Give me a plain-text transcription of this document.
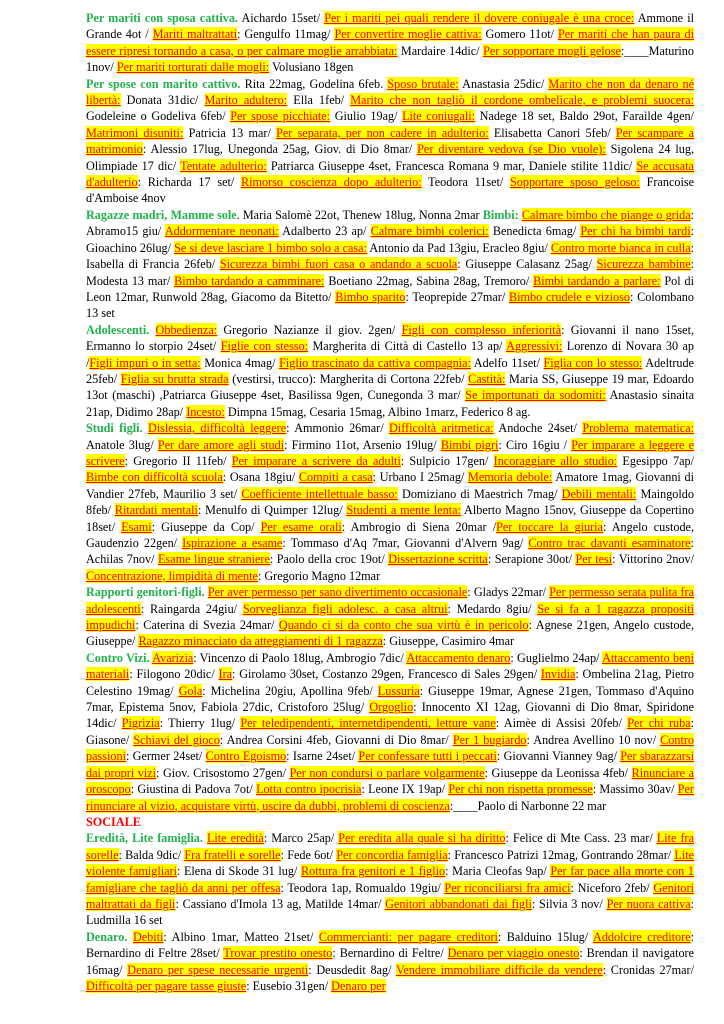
Per mariti con sposa cattiva. Aichardo 15set/ Per i mariti pei quali rendere il dovere coniugale è una croce: Ammone il Grande 4ot / Mariti maltrattati: Gengulfo 11mag/ Per convertire moglie cattiva: Gomero 11ot/ Per mariti che han paura di essere ripresi tornando a casa, o per calmare moglie arrabbiata: Mardaire 14dic/ Per sopportare mogli gelose:____Maturino 1nov/ Per mariti torturati dalle mogli: Volusiano 18gen

Per spose con marito cattivo. Rita 22mag, Godelina 6feb. Sposo brutale: Anastasia 25dic/ Marito che non da denaro né libertà: Donata 31dic/ Marito adultero: Ella 1feb/ Marito che non tagliò il cordone ombelicale, e problemi suocera: Godeleine o Godeliva 6feb/ Per spose picchiate: Giulio 19ag/ Lite coniugali: Nadege 18 set, Baldo 29ot, Faraìlde 4gen/ Matrimoni disuniti: Patricia 13 mar/ Per separata, per non cadere in adulterio: Elisabetta Canori 5feb/ Per scampare a matrimonio: Alessio 17lug, Unegonda 25ag, Giov. di Dio 8mar/ Per diventare vedova (se Dio vuole): Sigolena 24 lug, Olimpiade 17 dic/ Tentate adulterio: Patriarca Giuseppe 4set, Francesca Romana 9 mar, Daniele stilite 11dic/ Se accusata d'adulterio: Richarda 17 set/ Rimorso coscienza dopo adulterio: Teodora 11set/ Sopportare sposo geloso: Francoise d'Amboise 4nov

Ragazze madri, Mamme sole. Maria Salomè 22ot, Thenew 18lug, Nonna 2mar Bimbi: Calmare bimbo che piange o grida: Abramo15 giu/ Addormentare neonati: Adalberto 23 ap/ Calmare bimbi colerici: Benedicta 6mag/ Per chi ha bimbi tardi: Gioachino 26lug/ Se si deve lasciare 1 bimbo solo a casa: Antonio da Pad 13giu, Eracleo 8giu/ Contro morte bianca in culla: Isabella di Francia 26feb/ Sicurezza bimbi fuori casa o andando a scuola: Giuseppe Calasanz 25ag/ Sicurezza bambine: Modesta 13 mar/ Bimbo tardando a camminare: Boetiano 22mag, Sabina 28ag, Tremoro/ Bimbi tardando a parlare: Pol di Leon 12mar, Runwold 28ag, Giacomo da Bitetto/ Bimbo sparito: Teoprepide 27mar/ Bimbo crudele e vizioso: Colombano 13 set

Adolescenti. Obbedienza: Gregorio Nazianze il giov. 2gen/ Figli con complesso inferiorità: Giovanni il nano 15set, Ermanno lo storpio 24set/ Figlie con stesso: Margherita di Città di Castello 13 ap/ Aggressivi: Lorenzo di Novara 30 ap /Figli impuri o in setta: Monica 4mag/ Figlio trascinato da cattiva compagnia: Adelfo 11set/ Figlia con lo stesso: Adeltrude 25feb/ Figlia su brutta strada (vestirsi, trucco): Margherita di Cortona 22feb/ Castità: Maria SS, Giuseppe 19 mar, Edoardo 13ot (maschi) ,Patriarca Giuseppe 4set, Basilissa 9gen, Cunegonda 3 mar/ Se importunati da sodomiti: Anastasio sinaita 21ap, Didimo 28ap/ Incesto: Dimpna 15mag, Cesaria 15mag, Albino 1marz, Federico 8 ag.

Studi figli. Dislessia, difficoltà leggere: Ammonio 26mar/ Difficoltà aritmetica: Andoche 24set/ Problema matematica: Anatole 3lug/ Per dare amore agli studi: Firmino 11ot, Arsenio 19lug/ Bimbi pigri: Ciro 16giu / Per imparare a leggere e scrivere: Gregorio II 11feb/ Per imparare a scrivere da adulti: Sulpicio 17gen/ Incoraggiare allo studio: Egesippo 7ap/ Bimbe con difficoltà scuola: Osana 18giu/ Compiti a casa: Urbano I 25mag/ Memoria debole: Amatore 1mag, Giovanni di Vandier 27feb, Maurilio 3 set/ Coefficiente intellettuale basso: Domiziano di Maestrich 7mag/ Debili mentali: Maingoldo 8feb/ Ritardati mentali: Menulfo di Quimper 12lug/ Studenti a mente lenta: Alberto Magno 15nov, Giuseppe da Copertino 18set/ Esami: Giuseppe da Cop/ Per esame orali: Ambrogio di Siena 20mar /Per toccare la giuria: Angelo custode, Gaudenzio 22gen/ Ispirazione a esame: Tommaso d'Aq 7mar, Giovanni d'Alvern 9ag/ Contro trac davanti esaminatore: Achilas 7nov/ Esame lingue straniere: Paolo della croc 19ot/ Dissertazione scritta: Serapione 30ot/ Per tesi: Vittorino 2nov/ Concentrazione, limpidità di mente: Gregorio Magno 12mar

Rapporti genitori-figli. Per aver permesso per sano divertimento occasionale: Gladys 22mar/ Per permesso serata pulita fra adolescenti: Raingarda 24giu/ Sorveglianza figli adolesc. a casa altrui: Medardo 8giu/ Se si fa a 1 ragazza propositi impudichi: Caterina di Svezia 24mar/ Quando ci si da conto che sua virtù è in pericolo: Agnese 21gen, Angelo custode, Giuseppe/ Ragazzo minacciato da atteggiamenti di 1 ragazza: Giuseppe, Casimiro 4mar

Contro Vizi. Avarizia: Vincenzo di Paolo 18lug, Ambrogio 7dic/ Attaccamento denaro: Guglielmo 24ap/ Attaccamento beni materiali: Filogono 20dic/ Ira: Girolamo 30set, Costanzo 29gen, Francesco di Sales 29gen/ Invidia: Ombelina 21ag, Pietro Celestino 19mag/ Gola: Michelina 20giu, Apollina 9feb/ Lussuria: Giuseppe 19mar, Agnese 21gen, Tommaso d'Aquino 7mar, Epistema 5nov, Fabiola 27dic, Cristoforo 25lug/ Orgoglio: Innocento XI 12ag, Giovanni di Dio 8mar, Spiridone 14dic/ Pigrizia: Thierry 1lug/ Per teledipendenti, internetdipendenti, letture vane: Aimèe di Assisi 20feb/ Per chi ruba: Giasone/ Schiavi del gioco: Andrea Corsini 4feb, Giovanni di Dio 8mar/ Per 1 bugiardo: Andrea Avellino 10 nov/ Contro passioni: Germer 24set/ Contro Egoismo: Isarne 24set/ Per confessare tutti i peccati: Giovanni Vianney 9ag/ Per sbarazzarsi dai propri vizi: Giov. Crisostomo 27gen/ Per non condursi o parlare volgarmente: Giuseppe da Leonissa 4feb/ Rinunciare a oroscopo: Giustina di Padova 7ot/ Lotta contro ipocrisia: Leone IX 19ap/ Per chi non rispetta promesse: Massimo 30av/ Per rinunciare al vizio, acquistare virtù, uscire da dubbi, problemi di coscienza:____Paolo di Narbonne 22 mar

SOCIALE

Eredità, Lite famiglia. Lite eredità: Marco 25ap/ Per eredita alla quale si ha diritto: Felice di Mte Cass. 23 mar/ Lite fra sorelle: Balda 9dic/ Fra fratelli e sorelle: Fede 6ot/ Per concordia famiglia: Francesco Patrizi 12mag, Gontrando 28mar/ Lite violente famigliari: Elena di Skode 31 lug/ Rottura fra genitori e 1 figlio: Maria Cleofas 9ap/ Per far pace alla morte con 1 famigliare che tagliò da anni per offesa: Teodora 1ap, Romualdo 19giu/ Per riconciliarsi fra amici: Niceforo 2feb/ Genitori maltrattati da figli: Cassiano d'Imola 13 ag, Matilde 14mar/ Genitori abbandonati dai figli: Silvia 3 nov/ Per nuora cattiva: Ludmilla 16 set

Denaro. Debiti: Albino 1mar, Matteo 21set/ Commercianti: per pagare creditori: Balduino 15lug/ Addolcire creditore: Bernardino di Feltre 28set/ Trovar prestito onesto: Bernardino di Feltre/ Denaro per viaggio onesto: Brendan il navigatore 16mag/ Denaro per spese necessarie urgenti: Deusdedit 8ag/ Vendere immobiliare difficile da vendere: Cronidas 27mar/ Difficoltà per pagare tasse giuste: Eusebio 31gen/ Denaro per
